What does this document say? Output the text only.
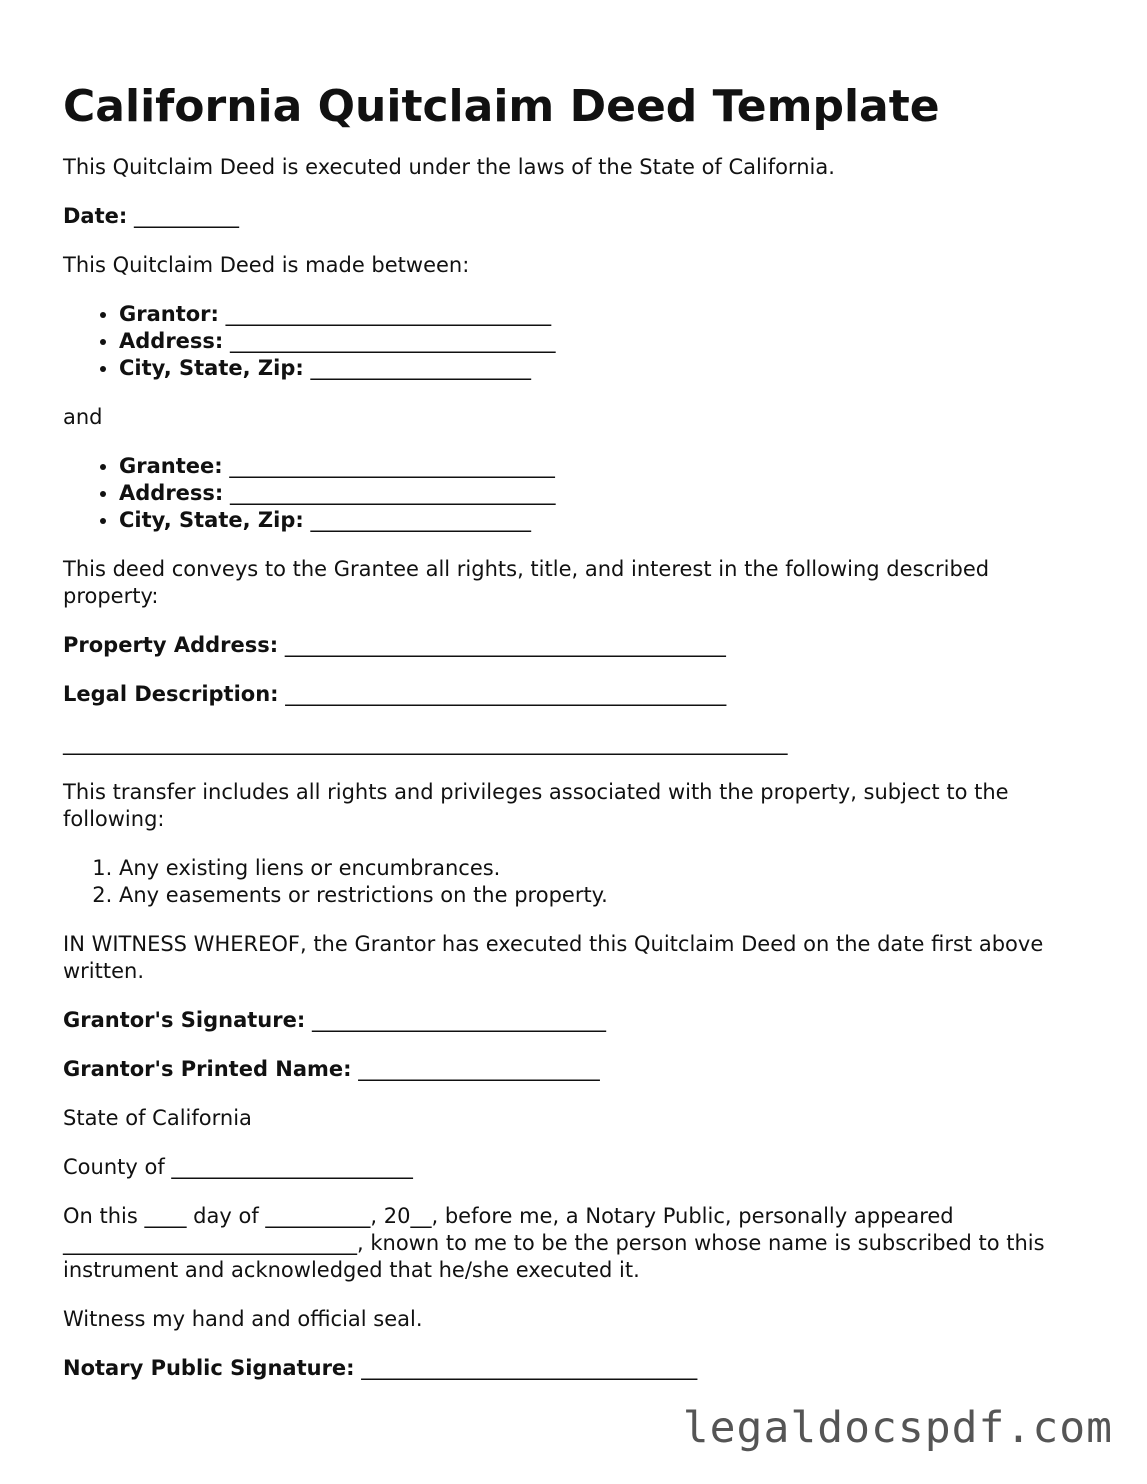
California Quitclaim Deed Template

This Quitclaim Deed is executed under the laws of the State of California.

Date: __________

This Quitclaim Deed is made between:

• Grantor: _______________________________
• Address: _______________________________
• City, State, Zip: _____________________

and

• Grantee: _______________________________
• Address: _______________________________
• City, State, Zip: _____________________

This deed conveys to the Grantee all rights, title, and interest in the following described property:

Property Address: __________________________________________

Legal Description: __________________________________________

_____________________________________________________________________

This transfer includes all rights and privileges associated with the property, subject to the following:

1. Any existing liens or encumbrances.
2. Any easements or restrictions on the property.

IN WITNESS WHEREOF, the Grantor has executed this Quitclaim Deed on the date first above written.

Grantor's Signature: ____________________________

Grantor's Printed Name: _______________________

State of California

County of _______________________

On this ____ day of __________, 20__, before me, a Notary Public, personally appeared ____________________________, known to me to be the person whose name is subscribed to this instrument and acknowledged that he/she executed it.

Witness my hand and official seal.

Notary Public Signature: ________________________________

legaldocspdf.com
